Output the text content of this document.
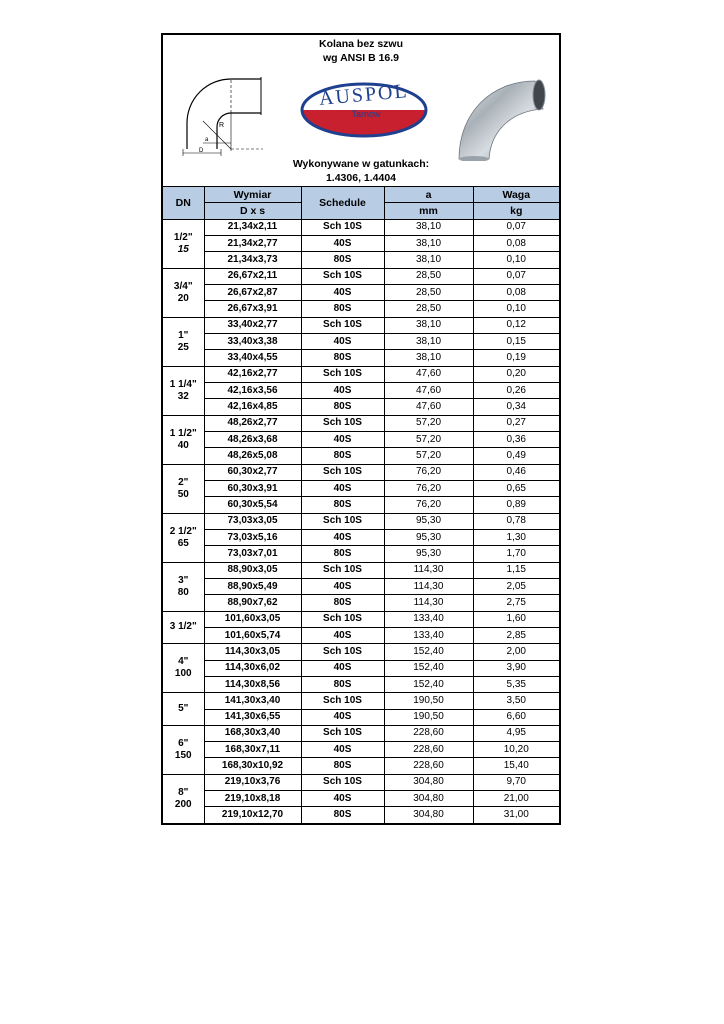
Kolana bez szwu
wg ANSI B 16.9
R
a
D
AUSPOL
Tarnów
Wykonywane w gatunkach:
1.4306, 1.4404
DN	Wymiar	Schedule	a	Waga
	D x s		mm	kg

1/2"
15	21,34x2,11	Sch 10S	38,10	0,07
	21,34x2,77	40S	38,10	0,08
	21,34x3,73	80S	38,10	0,10

3/4"
20	26,67x2,11	Sch 10S	28,50	0,07
	26,67x2,87	40S	28,50	0,08
	26,67x3,91	80S	28,50	0,10

1"
25	33,40x2,77	Sch 10S	38,10	0,12
	33,40x3,38	40S	38,10	0,15
	33,40x4,55	80S	38,10	0,19

1 1/4"
32	42,16x2,77	Sch 10S	47,60	0,20
	42,16x3,56	40S	47,60	0,26
	42,16x4,85	80S	47,60	0,34

1 1/2"
40	48,26x2,77	Sch 10S	57,20	0,27
	48,26x3,68	40S	57,20	0,36
	48,26x5,08	80S	57,20	0,49

2"
50	60,30x2,77	Sch 10S	76,20	0,46
	60,30x3,91	40S	76,20	0,65
	60,30x5,54	80S	76,20	0,89

2 1/2"
65	73,03x3,05	Sch 10S	95,30	0,78
	73,03x5,16	40S	95,30	1,30
	73,03x7,01	80S	95,30	1,70

3"
80	88,90x3,05	Sch 10S	114,30	1,15
	88,90x5,49	40S	114,30	2,05
	88,90x7,62	80S	114,30	2,75

3 1/2"	101,60x3,05	Sch 10S	133,40	1,60
	101,60x5,74	40S	133,40	2,85

4"
100	114,30x3,05	Sch 10S	152,40	2,00
	114,30x6,02	40S	152,40	3,90
	114,30x8,56	80S	152,40	5,35

5"	141,30x3,40	Sch 10S	190,50	3,50
	141,30x6,55	40S	190,50	6,60

6"
150	168,30x3,40	Sch 10S	228,60	4,95
	168,30x7,11	40S	228,60	10,20
	168,30x10,92	80S	228,60	15,40

8"
200	219,10x3,76	Sch 10S	304,80	9,70
	219,10x8,18	40S	304,80	21,00
	219,10x12,70	80S	304,80	31,00
